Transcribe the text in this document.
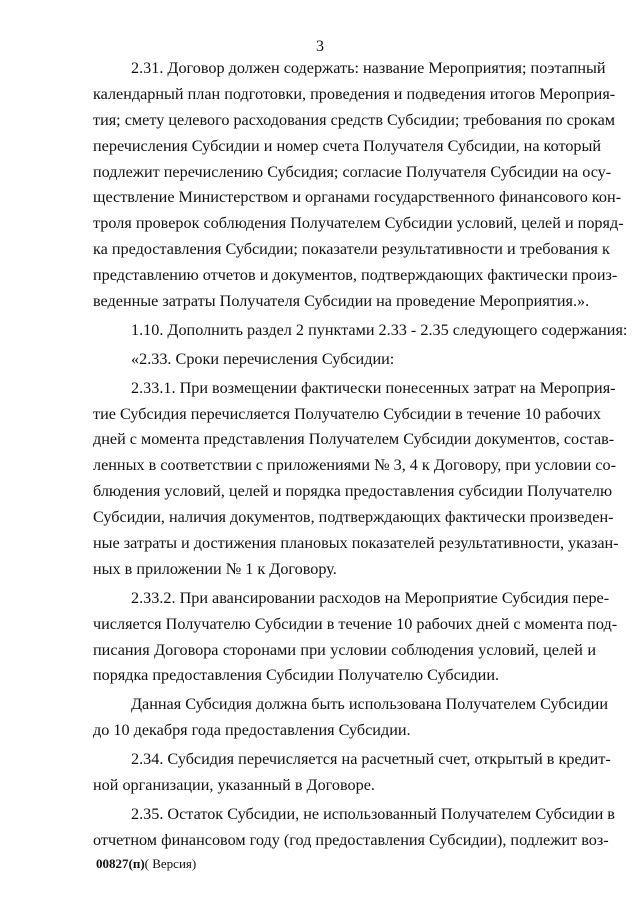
3
2.31. Договор должен содержать: название Мероприятия; поэтапный
календарный план подготовки, проведения и подведения итогов Мероприя-
тия; смету целевого расходования средств Субсидии; требования по срокам
перечисления Субсидии и номер счета Получателя Субсидии, на который
подлежит перечислению Субсидия; согласие Получателя Субсидии на осу-
ществление Министерством и органами государственного финансового кон-
троля проверок соблюдения Получателем Субсидии условий, целей и поряд-
ка предоставления Субсидии; показатели результативности и требования к
представлению отчетов и документов, подтверждающих фактически произ-
веденные затраты Получателя Субсидии на проведение Мероприятия.».
1.10. Дополнить раздел 2 пунктами 2.33 - 2.35 следующего содержания:
«2.33. Сроки перечисления Субсидии:
2.33.1. При возмещении фактически понесенных затрат на Мероприя-
тие Субсидия перечисляется Получателю Субсидии в течение 10 рабочих
дней с момента представления Получателем Субсидии документов, состав-
ленных в соответствии с приложениями № 3, 4 к Договору, при условии со-
блюдения условий, целей и порядка предоставления субсидии Получателю
Субсидии, наличия документов, подтверждающих фактически произведен-
ные затраты и достижения плановых показателей результативности, указан-
ных в приложении № 1 к Договору.
2.33.2. При авансировании расходов на Мероприятие Субсидия пере-
числяется Получателю Субсидии в течение 10 рабочих дней с момента под-
писания Договора сторонами при условии соблюдения условий, целей и
порядка предоставления Субсидии Получателю Субсидии.
Данная Субсидия должна быть использована Получателем Субсидии
до 10 декабря года предоставления Субсидии.
2.34. Субсидия перечисляется на расчетный счет, открытый в кредит-
ной организации, указанный в Договоре.
2.35. Остаток Субсидии, не использованный Получателем Субсидии в
отчетном финансовом году (год предоставления Субсидии), подлежит воз-
00827(п)( Версия)
